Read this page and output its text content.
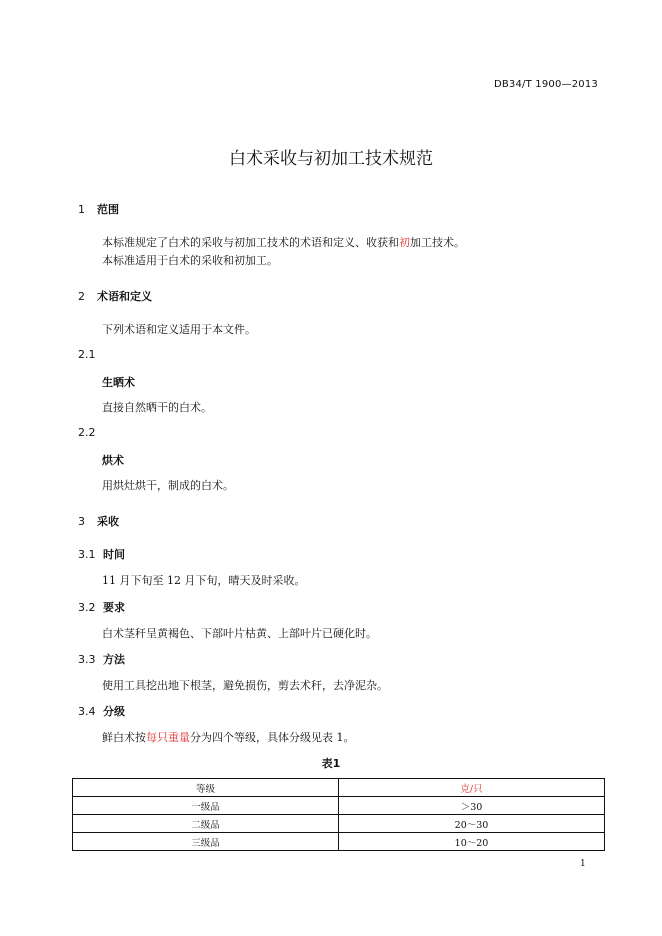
DB34/T 1900—2013
白术采收与初加工技术规范
1 范围
本标准规定了白术的采收与初加工技术的术语和定义、收获和初加工技术。
本标准适用于白术的采收和初加工。
2 术语和定义
下列术语和定义适用于本文件。
2.1
生晒术
直接自然晒干的白术。
2.2
烘术
用烘灶烘干，制成的白术。
3 采收
3.1 时间
11 月下旬至 12 月下旬，晴天及时采收。
3.2 要求
白术茎秆呈黄褐色、下部叶片枯黄、上部叶片已硬化时。
3.3 方法
使用工具挖出地下根茎，避免损伤，剪去术秆，去净泥杂。
3.4 分级
鲜白术按每只重量分为四个等级，具体分级见表 1。
表1
等级	克/只
一级品	＞30
二级品	20～30
三级品	10～20
1
